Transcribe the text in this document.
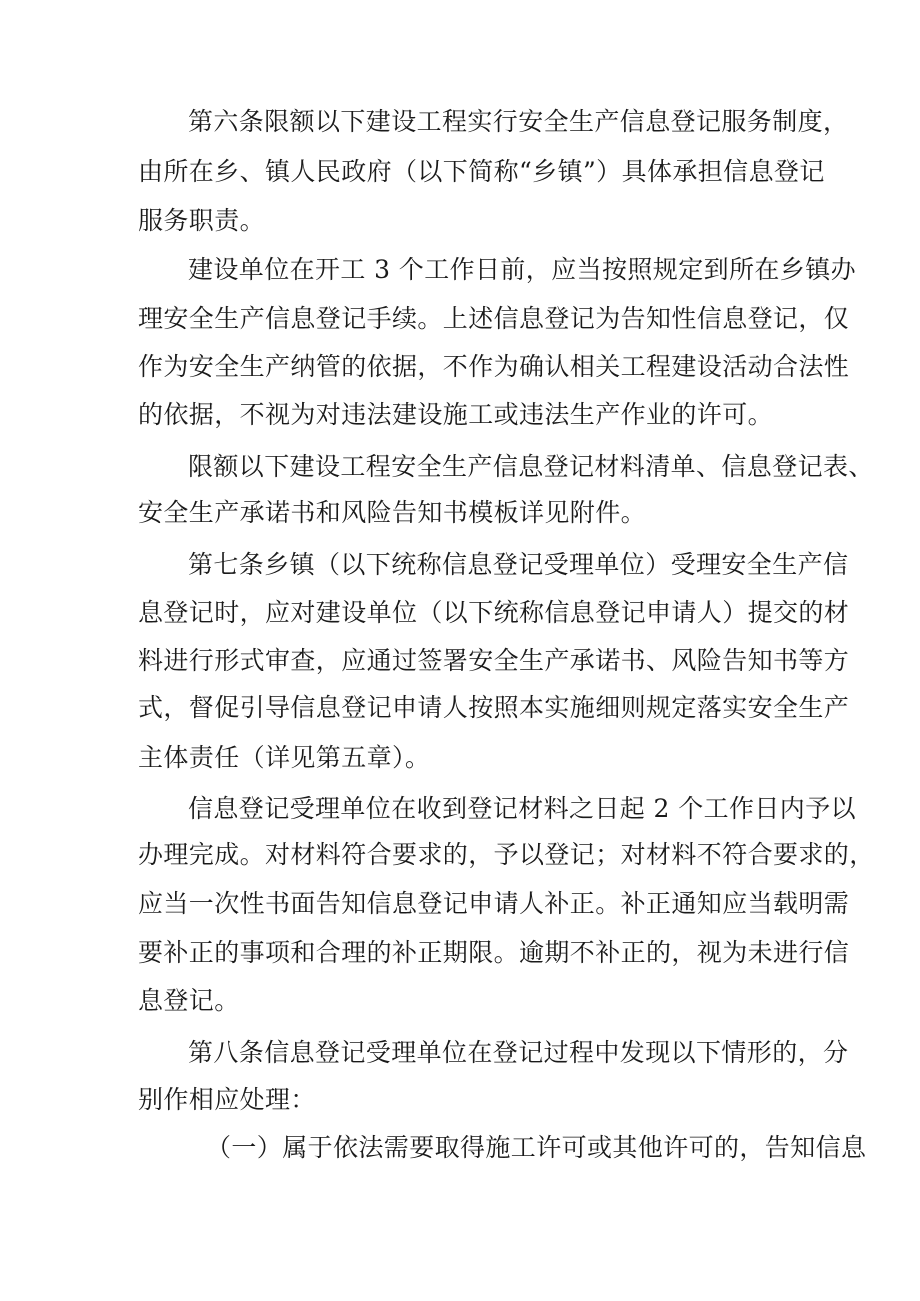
第六条限额以下建设工程实行安全生产信息登记服务制度，
由所在乡、镇人民政府（以下简称“乡镇”）具体承担信息登记
服务职责。
建设单位在开工 3 个工作日前，应当按照规定到所在乡镇办
理安全生产信息登记手续。上述信息登记为告知性信息登记，仅
作为安全生产纳管的依据，不作为确认相关工程建设活动合法性
的依据，不视为对违法建设施工或违法生产作业的许可。
限额以下建设工程安全生产信息登记材料清单、信息登记表、
安全生产承诺书和风险告知书模板详见附件。
第七条乡镇（以下统称信息登记受理单位）受理安全生产信
息登记时，应对建设单位（以下统称信息登记申请人）提交的材
料进行形式审查，应通过签署安全生产承诺书、风险告知书等方
式，督促引导信息登记申请人按照本实施细则规定落实安全生产
主体责任（详见第五章）。
信息登记受理单位在收到登记材料之日起 2 个工作日内予以
办理完成。对材料符合要求的，予以登记；对材料不符合要求的，
应当一次性书面告知信息登记申请人补正。补正通知应当载明需
要补正的事项和合理的补正期限。逾期不补正的，视为未进行信
息登记。
第八条信息登记受理单位在登记过程中发现以下情形的，分
别作相应处理：
（一）属于依法需要取得施工许可或其他许可的，告知信息
